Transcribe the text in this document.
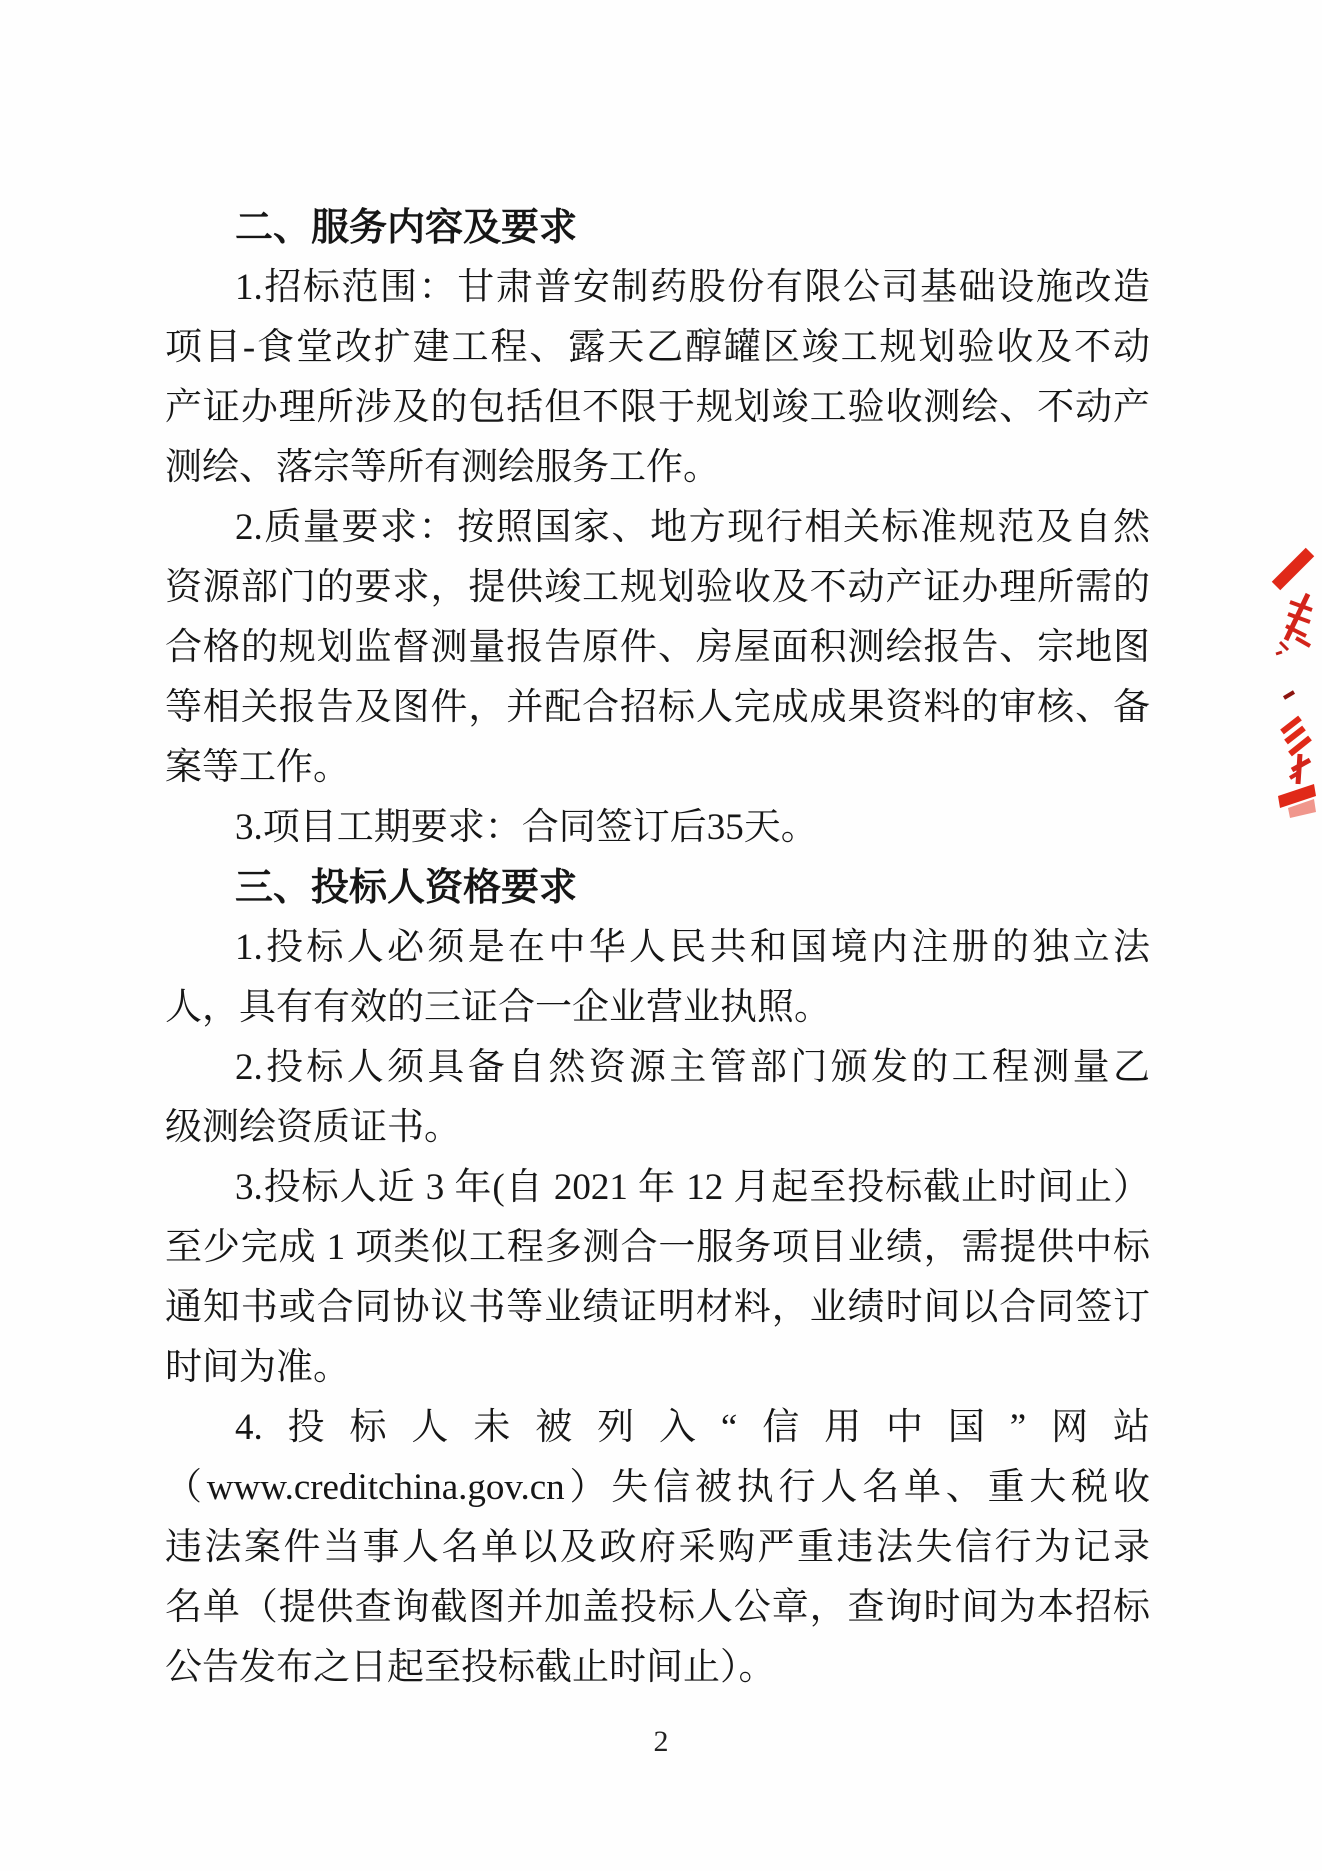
二、服务内容及要求
1.招标范围：甘肃普安制药股份有限公司基础设施改造
项目-食堂改扩建工程、露天乙醇罐区竣工规划验收及不动
产证办理所涉及的包括但不限于规划竣工验收测绘、不动产
测绘、落宗等所有测绘服务工作。
2.质量要求：按照国家、地方现行相关标准规范及自然
资源部门的要求，提供竣工规划验收及不动产证办理所需的
合格的规划监督测量报告原件、房屋面积测绘报告、宗地图
等相关报告及图件，并配合招标人完成成果资料的审核、备
案等工作。
3.项目工期要求：合同签订后35天。
三、投标人资格要求
1.投标人必须是在中华人民共和国境内注册的独立法
人，具有有效的三证合一企业营业执照。
2.投标人须具备自然资源主管部门颁发的工程测量乙
级测绘资质证书。
3.投标人近 3 年(自 2021 年 12 月起至投标截止时间止）
至少完成 1 项类似工程多测合一服务项目业绩，需提供中标
通知书或合同协议书等业绩证明材料，业绩时间以合同签订
时间为准。
4.投标人未被列入“信用中国”网站
（www.creditchina.gov.cn）失信被执行人名单、重大税收
违法案件当事人名单以及政府采购严重违法失信行为记录
名单（提供查询截图并加盖投标人公章，查询时间为本招标
公告发布之日起至投标截止时间止）。
2
